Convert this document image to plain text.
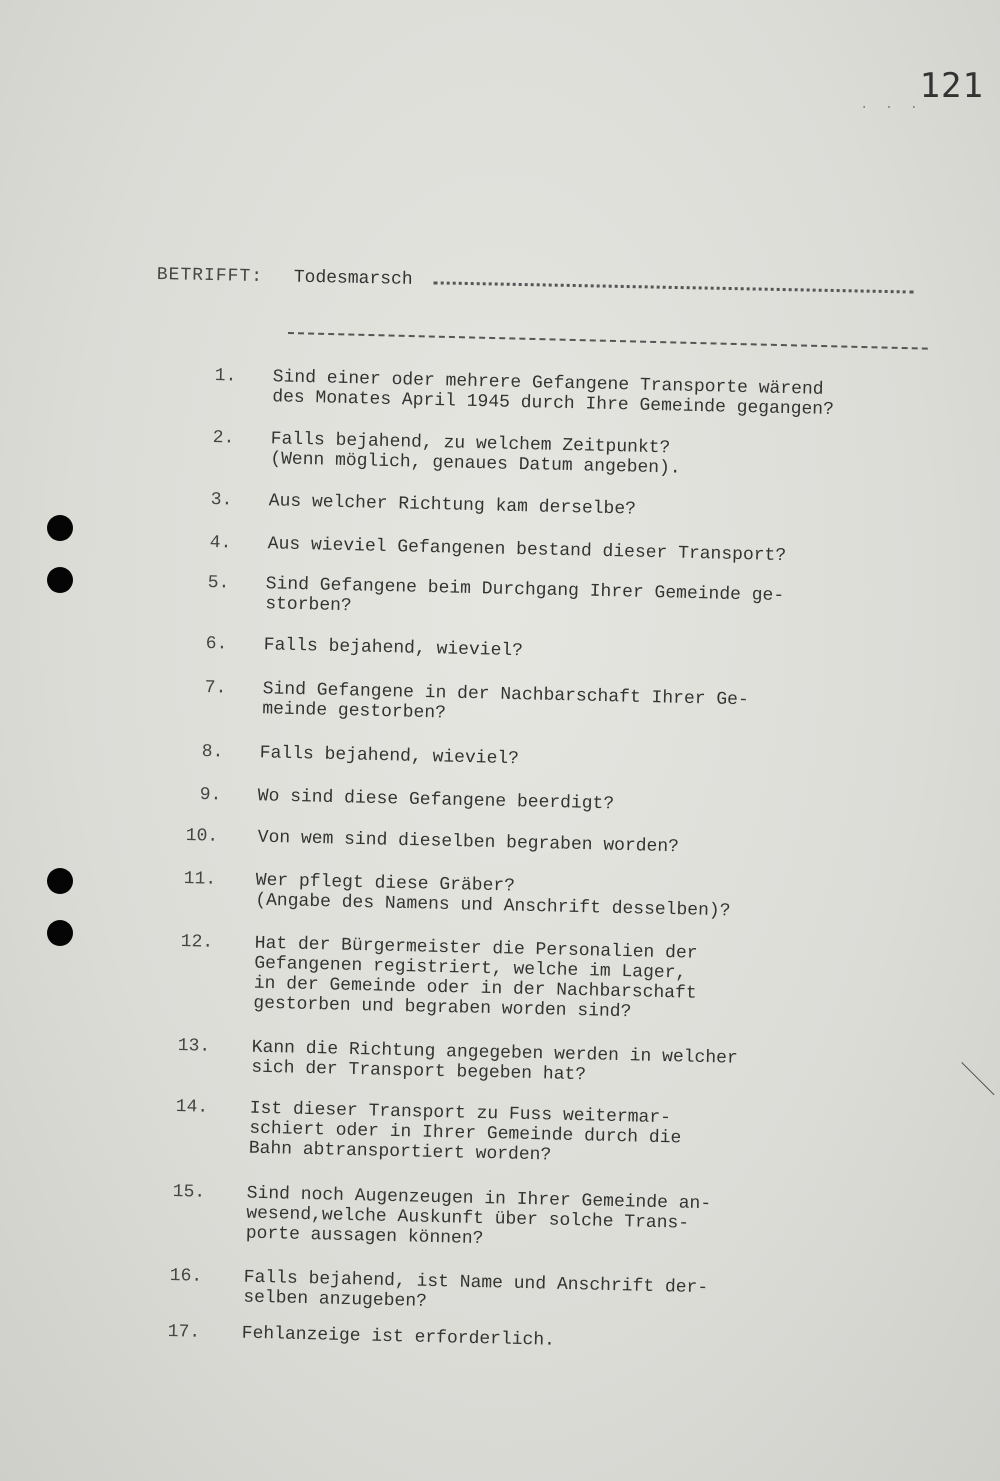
· · ·
121
BETRIFFT: Todesmarsch
1.	Sind einer oder mehrere Gefangene Transporte wärend
des Monates April 1945 durch Ihre Gemeinde gegangen?
2.	Falls bejahend, zu welchem Zeitpunkt?
(Wenn möglich, genaues Datum angeben).
3.	Aus welcher Richtung kam derselbe?
4.	Aus wieviel Gefangenen bestand dieser Transport?
5.	Sind Gefangene beim Durchgang Ihrer Gemeinde ge-
storben?
6.	Falls bejahend, wieviel?
7.	Sind Gefangene in der Nachbarschaft Ihrer Ge-
meinde gestorben?
8.	Falls bejahend, wieviel?
9.	Wo sind diese Gefangene beerdigt?
10.	Von wem sind dieselben begraben worden?
11.	Wer pflegt diese Gräber?
(Angabe des Namens und Anschrift desselben)?
12.	Hat der Bürgermeister die Personalien der
Gefangenen registriert, welche im Lager,
in der Gemeinde oder in der Nachbarschaft
gestorben und begraben worden sind?
13.	Kann die Richtung angegeben werden in welcher
sich der Transport begeben hat?
14.	Ist dieser Transport zu Fuss weitermar-
schiert oder in Ihrer Gemeinde durch die
Bahn abtransportiert worden?
15.	Sind noch Augenzeugen in Ihrer Gemeinde an-
wesend,welche Auskunft über solche Trans-
porte aussagen können?
16.	Falls bejahend, ist Name und Anschrift der-
selben anzugeben?
17.	Fehlanzeige ist erforderlich.
